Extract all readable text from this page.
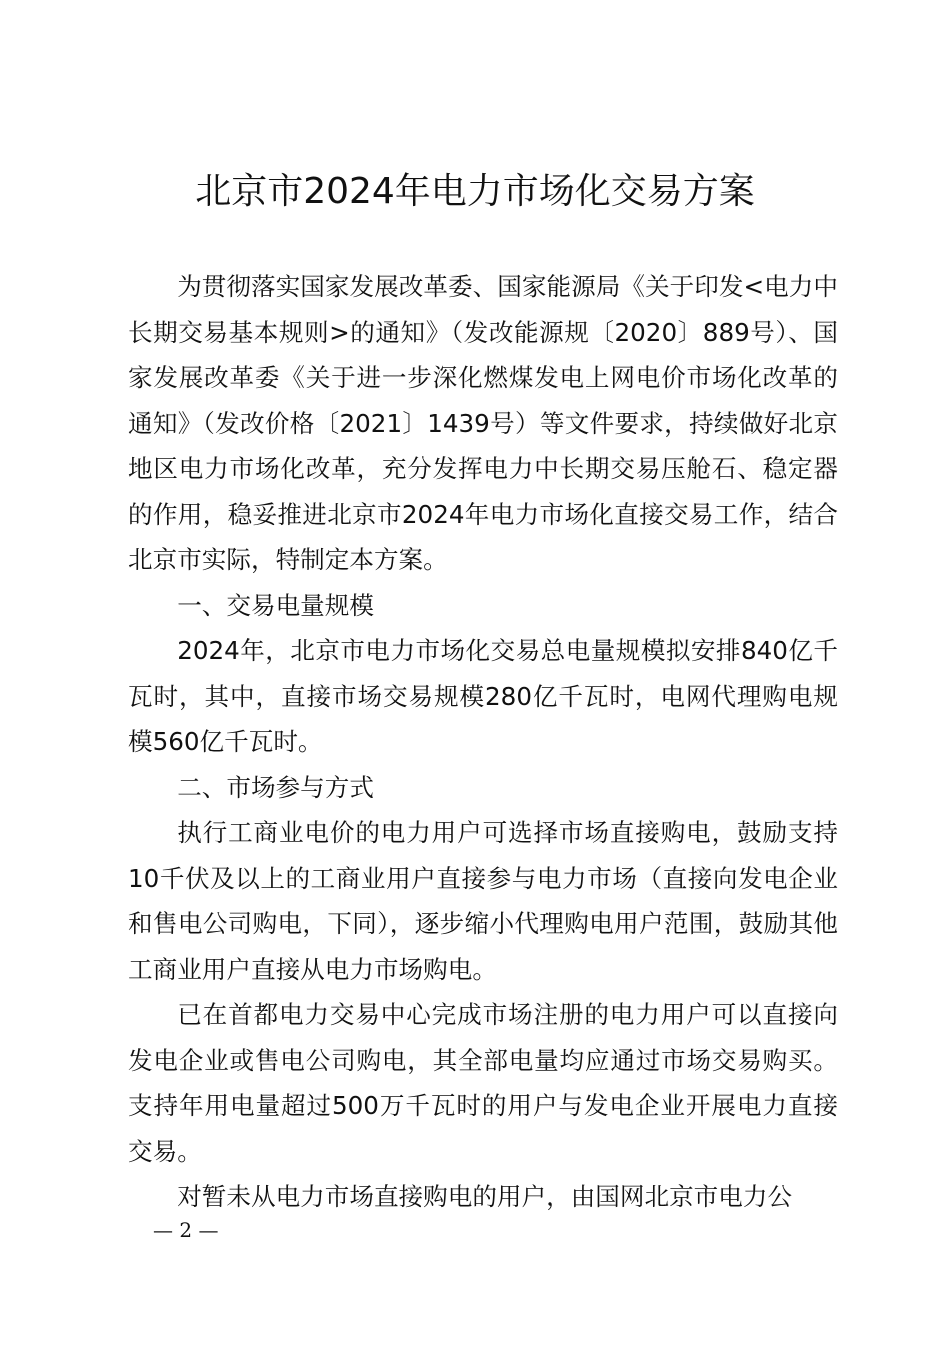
北京市2024年电力市场化交易方案

为贯彻落实国家发展改革委、国家能源局《关于印发<电力中长期交易基本规则>的通知》（发改能源规〔2020〕889号）、国家发展改革委《关于进一步深化燃煤发电上网电价市场化改革的通知》（发改价格〔2021〕1439号）等文件要求，持续做好北京地区电力市场化改革，充分发挥电力中长期交易压舱石、稳定器的作用，稳妥推进北京市2024年电力市场化直接交易工作，结合北京市实际，特制定本方案。

一、交易电量规模

2024年，北京市电力市场化交易总电量规模拟安排840亿千瓦时，其中，直接市场交易规模280亿千瓦时，电网代理购电规模560亿千瓦时。

二、市场参与方式

执行工商业电价的电力用户可选择市场直接购电，鼓励支持10千伏及以上的工商业用户直接参与电力市场（直接向发电企业和售电公司购电，下同），逐步缩小代理购电用户范围，鼓励其他工商业用户直接从电力市场购电。

已在首都电力交易中心完成市场注册的电力用户可以直接向发电企业或售电公司购电，其全部电量均应通过市场交易购买。支持年用电量超过500万千瓦时的用户与发电企业开展电力直接交易。

对暂未从电力市场直接购电的用户，由国网北京市电力公

— 2 —
